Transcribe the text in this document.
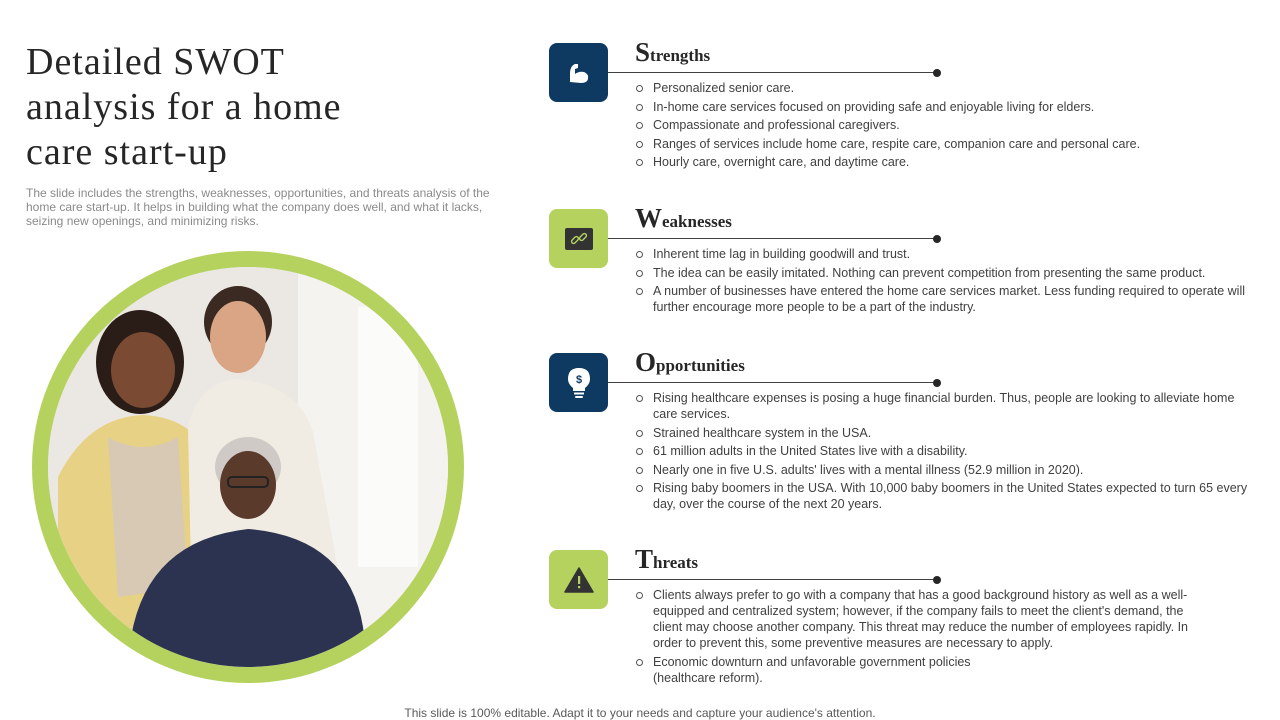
Detailed SWOT
analysis for a home
care start-up
The slide includes the strengths, weaknesses, opportunities, and threats analysis of the home care start-up. It helps in building what the company does well, and what it lacks, seizing new openings, and minimizing risks.
Strengths
Personalized senior care.
In-home care services focused on providing safe and enjoyable living for elders.
Compassionate and professional caregivers.
Ranges of services include home care, respite care, companion care and personal care.
Hourly care, overnight care, and daytime care.
Weaknesses
Inherent time lag in building goodwill and trust.
The idea can be easily imitated. Nothing can prevent competition from presenting the same product.
A number of businesses have entered the home care services market. Less funding required to operate will further encourage more people to be a part of the industry.
$
Opportunities
Rising healthcare expenses is posing a huge financial burden. Thus, people are looking to alleviate home care services.
Strained healthcare system in the USA.
61 million adults in the United States live with a disability.
Nearly one in five U.S. adults' lives with a mental illness (52.9 million in 2020).
Rising baby boomers in the USA. With 10,000 baby boomers in the United States expected to turn 65 every day, over the course of the next 20 years.
Threats
Clients always prefer to go with a company that has a good background history as well as a well-equipped and centralized system; however, if the company fails to meet the client's demand, the client may choose another company. This threat may reduce the number of employees rapidly. In order to prevent this, some preventive measures are necessary to apply.
Economic downturn and unfavorable government policies
(healthcare reform).
This slide is 100% editable. Adapt it to your needs and capture your audience's attention.
